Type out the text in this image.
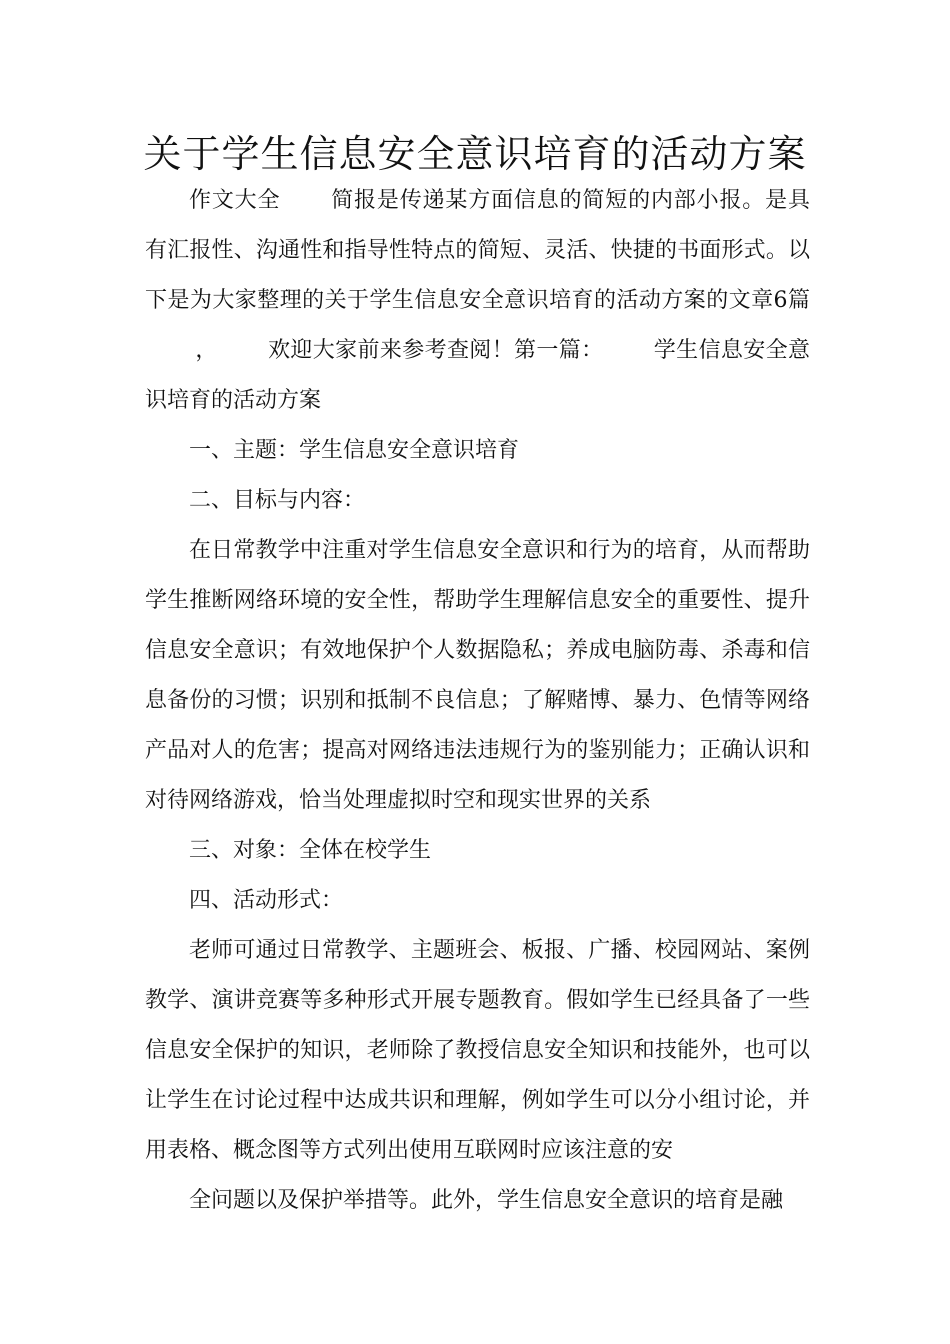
关于学生信息安全意识培育的活动方案

作文大全 简报是传递某方面信息的简短的内部小报。是具有汇报性、沟通性和指导性特点的简短、灵活、快捷的书面形式。以下是为大家整理的关于学生信息安全意识培育的活动方案的文章6篇， 欢迎大家前来参考查阅！第一篇： 学生信息安全意识培育的活动方案

一、主题：学生信息安全意识培育

二、目标与内容：

在日常教学中注重对学生信息安全意识和行为的培育，从而帮助学生推断网络环境的安全性，帮助学生理解信息安全的重要性、提升信息安全意识；有效地保护个人数据隐私；养成电脑防毒、杀毒和信息备份的习惯；识别和抵制不良信息；了解赌博、暴力、色情等网络产品对人的危害；提高对网络违法违规行为的鉴别能力；正确认识和对待网络游戏，恰当处理虚拟时空和现实世界的关系

三、对象：全体在校学生

四、活动形式：

老师可通过日常教学、主题班会、板报、广播、校园网站、案例教学、演讲竞赛等多种形式开展专题教育。假如学生已经具备了一些信息安全保护的知识，老师除了教授信息安全知识和技能外，也可以让学生在讨论过程中达成共识和理解，例如学生可以分小组讨论，并用表格、概念图等方式列出使用互联网时应该注意的安

全问题以及保护举措等。此外，学生信息安全意识的培育是融
